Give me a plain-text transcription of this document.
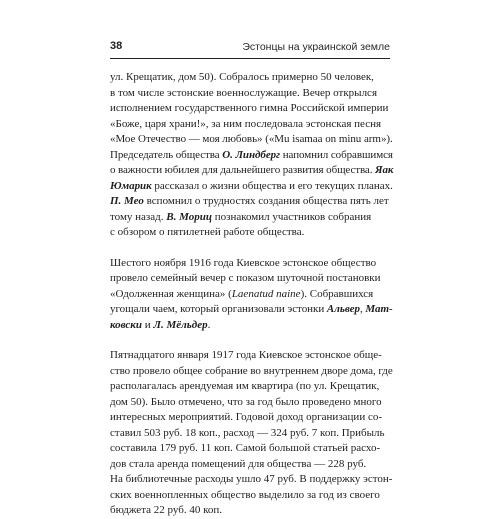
38	Эстонцы на украинской земле

ул. Крещатик, дом 50). Собралось примерно 50 человек,
в том числе эстонские военнослужащие. Вечер открылся
исполнением государственного гимна Российской империи
«Боже, царя храни!», за ним последовала эстонская песня
«Мое Отечество — моя любовь» («Mu isamaa on minu arm»).
Председатель общества О. Линдберг напомнил собравшимся
о важности юбилея для дальнейшего развития общества. Яак
Юмарик рассказал о жизни общества и его текущих планах.
П. Мео вспомнил о трудностях создания общества пять лет
тому назад. В. Мориц познакомил участников собрания
с обзором о пятилетней работе общества.

Шестого ноября 1916 года Киевское эстонское общество
провело семейный вечер с показом шуточной постановки
«Одолженная женщина» (Laenatud naine). Собравшихся
угощали чаем, который организовали эстонки Альвер, Мат-
ковски и Л. Мёльдер.

Пятнадцатого января 1917 года Киевское эстонское обще-
ство провело общее собрание во внутреннем дворе дома, где
располагалась арендуемая им квартира (по ул. Крещатик,
дом 50). Было отмечено, что за год было проведено много
интересных мероприятий. Годовой доход организации со-
ставил 503 руб. 18 коп., расход — 324 руб. 7 коп. Прибыль
составила 179 руб. 11 коп. Самой большой статьей расхо-
дов стала аренда помещений для общества — 228 руб.
На библиотечные расходы ушло 47 руб. В поддержку эстон-
ских военнопленных общество выделило за год из своего
бюджета 22 руб. 40 коп.
